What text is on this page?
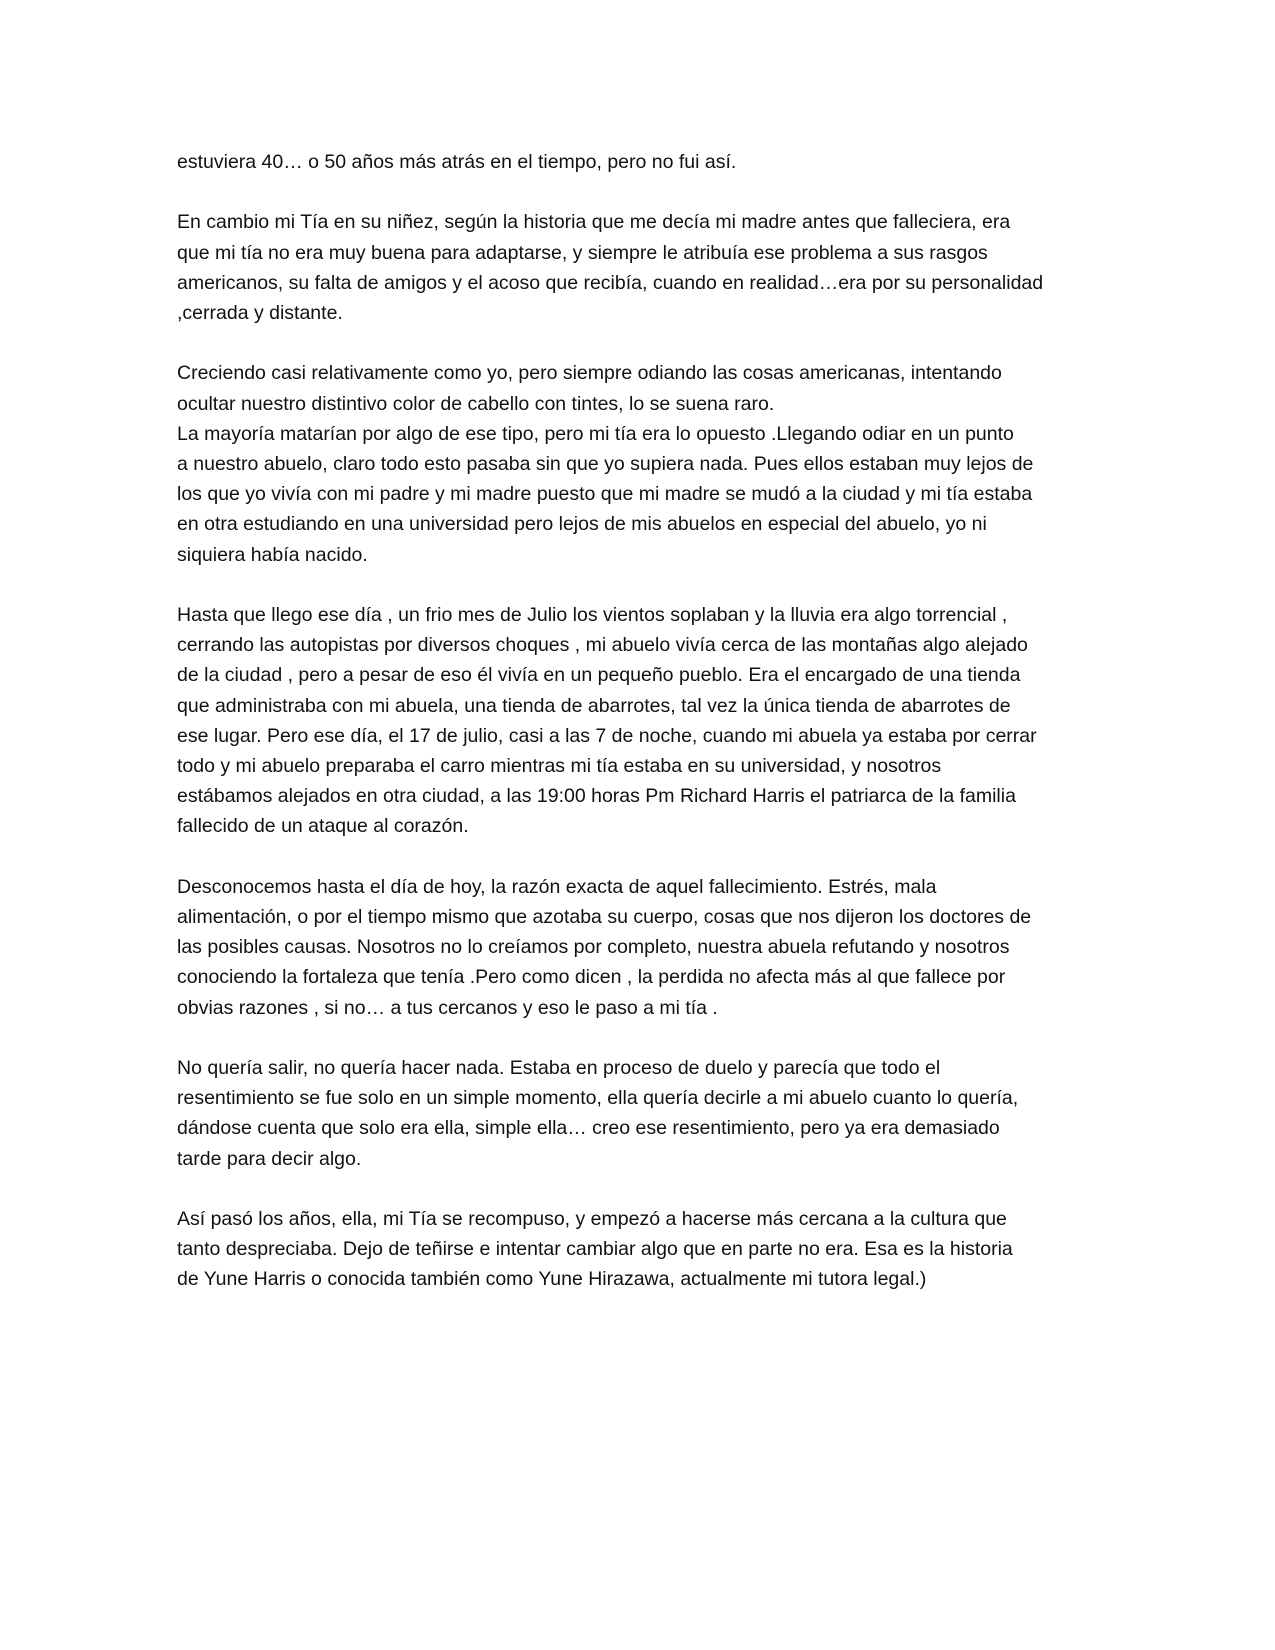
estuviera 40… o 50 años más atrás en el tiempo, pero no fui así.

En cambio mi Tía en su niñez, según la historia que me decía mi madre antes que falleciera, era
que mi tía no era muy buena para adaptarse, y siempre le atribuía ese problema a sus rasgos
americanos, su falta de amigos y el acoso que recibía, cuando en realidad…era por su personalidad
,cerrada y distante.

Creciendo casi relativamente como yo, pero siempre odiando las cosas americanas, intentando
ocultar nuestro distintivo color de cabello con tintes, lo se suena raro.
La mayoría matarían por algo de ese tipo, pero mi tía era lo opuesto .Llegando odiar en un punto
a nuestro abuelo, claro todo esto pasaba sin que yo supiera nada. Pues ellos estaban muy lejos de
los que yo vivía con mi padre y mi madre puesto que mi madre se mudó a la ciudad y mi tía estaba
en otra estudiando en una universidad pero lejos de mis abuelos en especial del abuelo, yo ni
siquiera había nacido.

Hasta que llego ese día , un frio mes de Julio los vientos soplaban y la lluvia era algo torrencial ,
cerrando las autopistas por diversos choques , mi abuelo vivía cerca de las montañas algo alejado
de la ciudad , pero a pesar de eso él vivía en un pequeño pueblo. Era el encargado de una tienda
que administraba con mi abuela, una tienda de abarrotes, tal vez la única tienda de abarrotes de
ese lugar. Pero ese día, el 17 de julio, casi a las 7 de noche, cuando mi abuela ya estaba por cerrar
todo y mi abuelo preparaba el carro mientras mi tía estaba en su universidad, y nosotros
estábamos alejados en otra ciudad, a las 19:00 horas Pm Richard Harris el patriarca de la familia
fallecido de un ataque al corazón.

Desconocemos hasta el día de hoy, la razón exacta de aquel fallecimiento. Estrés, mala
alimentación, o por el tiempo mismo que azotaba su cuerpo, cosas que nos dijeron los doctores de
las posibles causas. Nosotros no lo creíamos por completo, nuestra abuela refutando y nosotros
conociendo la fortaleza que tenía .Pero como dicen , la perdida no afecta más al que fallece por
obvias razones , si no… a tus cercanos y eso le paso a mi tía .

No quería salir, no quería hacer nada. Estaba en proceso de duelo y parecía que todo el
resentimiento se fue solo en un simple momento, ella quería decirle a mi abuelo cuanto lo quería,
dándose cuenta que solo era ella, simple ella… creo ese resentimiento, pero ya era demasiado
tarde para decir algo.

Así pasó los años, ella, mi Tía se recompuso, y empezó a hacerse más cercana a la cultura que
tanto despreciaba. Dejo de teñirse e intentar cambiar algo que en parte no era. Esa es la historia
de Yune Harris o conocida también como Yune Hirazawa, actualmente mi tutora legal.)
